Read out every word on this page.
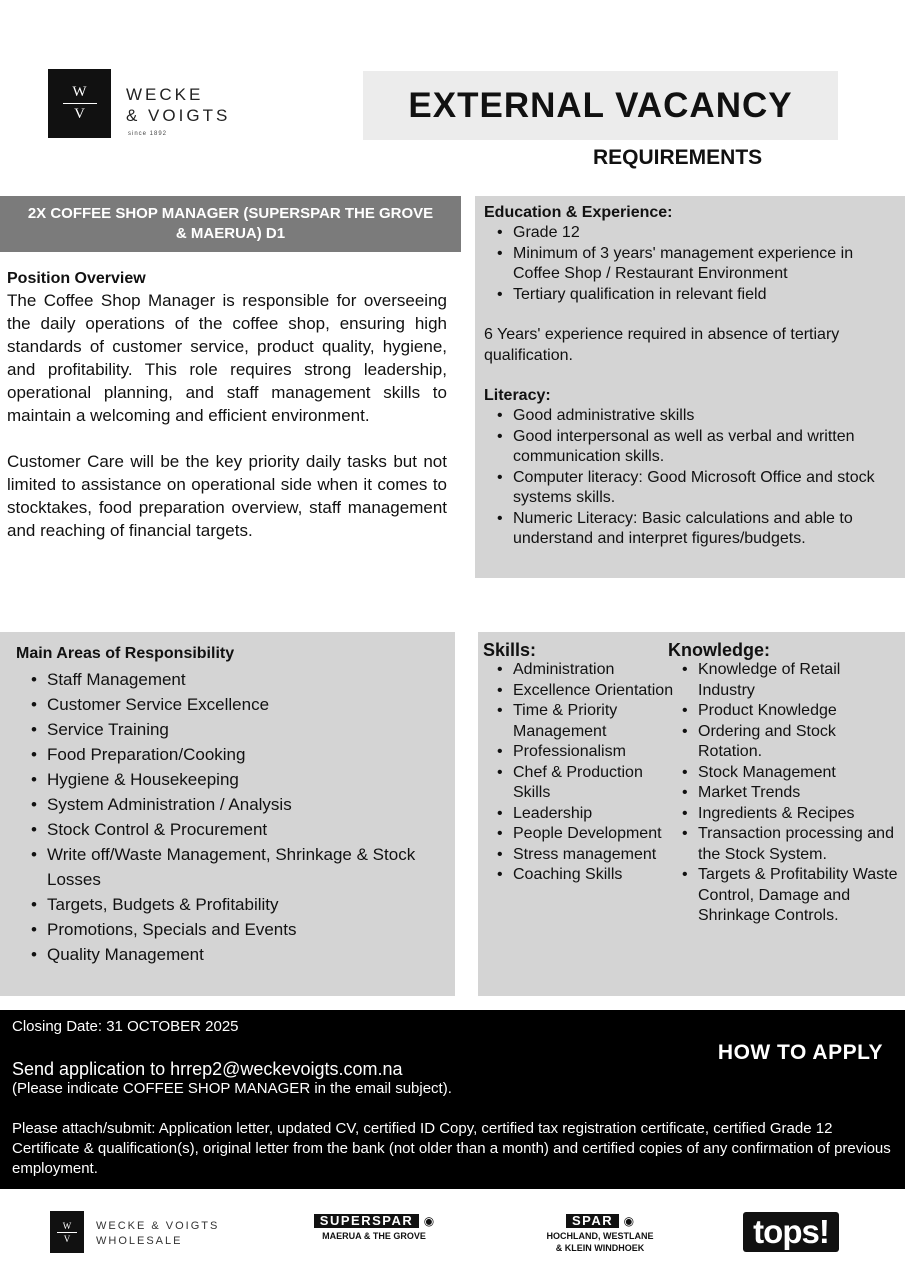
W
V
WECKE
& VOIGTS
since 1892
EXTERNAL VACANCY
REQUIREMENTS
2X COFFEE SHOP MANAGER (SUPERSPAR THE GROVE & MAERUA) D1
Position Overview

The Coffee Shop Manager is responsible for overseeing the daily operations of the coffee shop, ensuring high standards of customer service, product quality, hygiene, and profitability. This role requires strong leadership, operational planning, and staff management skills to maintain a welcoming and efficient environment.

Customer Care will be the key priority daily tasks but not limited to assistance on operational side when it comes to stocktakes, food preparation overview, staff management and reaching of financial targets.

Education & Experience:
• Grade 12
• Minimum of 3 years' management experience in Coffee Shop / Restaurant Environment
• Tertiary qualification in relevant field
6 Years' experience required in absence of tertiary qualification.
Literacy:
• Good administrative skills
• Good interpersonal as well as verbal and written communication skills.
• Computer literacy: Good Microsoft Office and stock systems skills.
• Numeric Literacy: Basic calculations and able to understand and interpret figures/budgets.
Main Areas of Responsibility
• Staff Management
• Customer Service Excellence
• Service Training
• Food Preparation/Cooking
• Hygiene & Housekeeping
• System Administration / Analysis
• Stock Control & Procurement
• Write off/Waste Management, Shrinkage & Stock Losses
• Targets, Budgets & Profitability
• Promotions, Specials and Events
• Quality Management
Skills:
• Administration
• Excellence Orientation
• Time & Priority Management
• Professionalism
• Chef & Production Skills
• Leadership
• People Development
• Stress management
• Coaching Skills
Knowledge:
• Knowledge of Retail Industry
• Product Knowledge
• Ordering and Stock Rotation.
• Stock Management
• Market Trends
• Ingredients & Recipes
• Transaction processing and the Stock System.
• Targets & Profitability Waste Control, Damage and Shrinkage Controls.
Closing Date: 31 OCTOBER 2025
Send application to hrrep2@weckevoigts.com.na
(Please indicate COFFEE SHOP MANAGER in the email subject).
Please attach/submit: Application letter, updated CV, certified ID Copy, certified tax registration certificate, certified Grade 12 Certificate & qualification(s), original letter from the bank (not older than a month) and certified copies of any confirmation of previous employment.
HOW TO APPLY
W
V
WECKE & VOIGTS
WHOLESALE
SUPERSPAR ◉
MAERUA & THE GROVE
SPAR ◉
HOCHLAND, WESTLANE
& KLEIN WINDHOEK	tops!
